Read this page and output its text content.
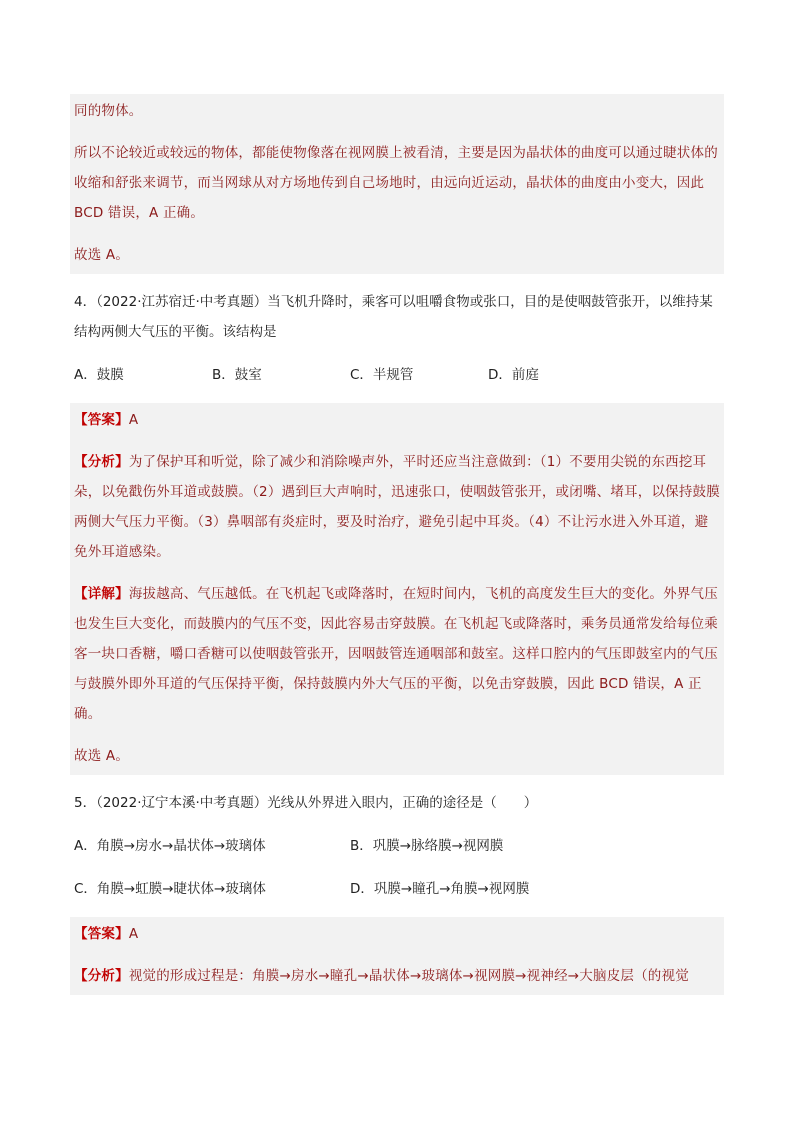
同的物体。

所以不论较近或较远的物体，都能使物像落在视网膜上被看清，主要是因为晶状体的曲度可以通过睫状体的收缩和舒张来调节，而当网球从对方场地传到自己场地时，由远向近运动，晶状体的曲度由小变大，因此BCD 错误，A 正确。

故选 A。

4．（2022·江苏宿迁·中考真题）当飞机升降时，乘客可以咀嚼食物或张口，目的是使咽鼓管张开，以维持某结构两侧大气压的平衡。该结构是

A．鼓膜	B．鼓室	C．半规管	D．前庭

【答案】A

【分析】为了保护耳和听觉，除了减少和消除噪声外，平时还应当注意做到：（1）不要用尖锐的东西挖耳朵，以免戳伤外耳道或鼓膜。（2）遇到巨大声响时，迅速张口，使咽鼓管张开，或闭嘴、堵耳，以保持鼓膜两侧大气压力平衡。（3）鼻咽部有炎症时，要及时治疗，避免引起中耳炎。（4）不让污水进入外耳道，避免外耳道感染。

【详解】海拔越高、气压越低。在飞机起飞或降落时，在短时间内，飞机的高度发生巨大的变化。外界气压也发生巨大变化，而鼓膜内的气压不变，因此容易击穿鼓膜。在飞机起飞或降落时，乘务员通常发给每位乘客一块口香糖，嚼口香糖可以使咽鼓管张开，因咽鼓管连通咽部和鼓室。这样口腔内的气压即鼓室内的气压与鼓膜外即外耳道的气压保持平衡，保持鼓膜内外大气压的平衡，以免击穿鼓膜，因此 BCD 错误，A 正确。

故选 A。

5．（2022·辽宁本溪·中考真题）光线从外界进入眼内，正确的途径是（　　）

A．角膜→房水→晶状体→玻璃体	B．巩膜→脉络膜→视网膜
C．角膜→虹膜→睫状体→玻璃体	D．巩膜→瞳孔→角膜→视网膜

【答案】A

【分析】视觉的形成过程是：角膜→房水→瞳孔→晶状体→玻璃体→视网膜→视神经→大脑皮层（的视觉
